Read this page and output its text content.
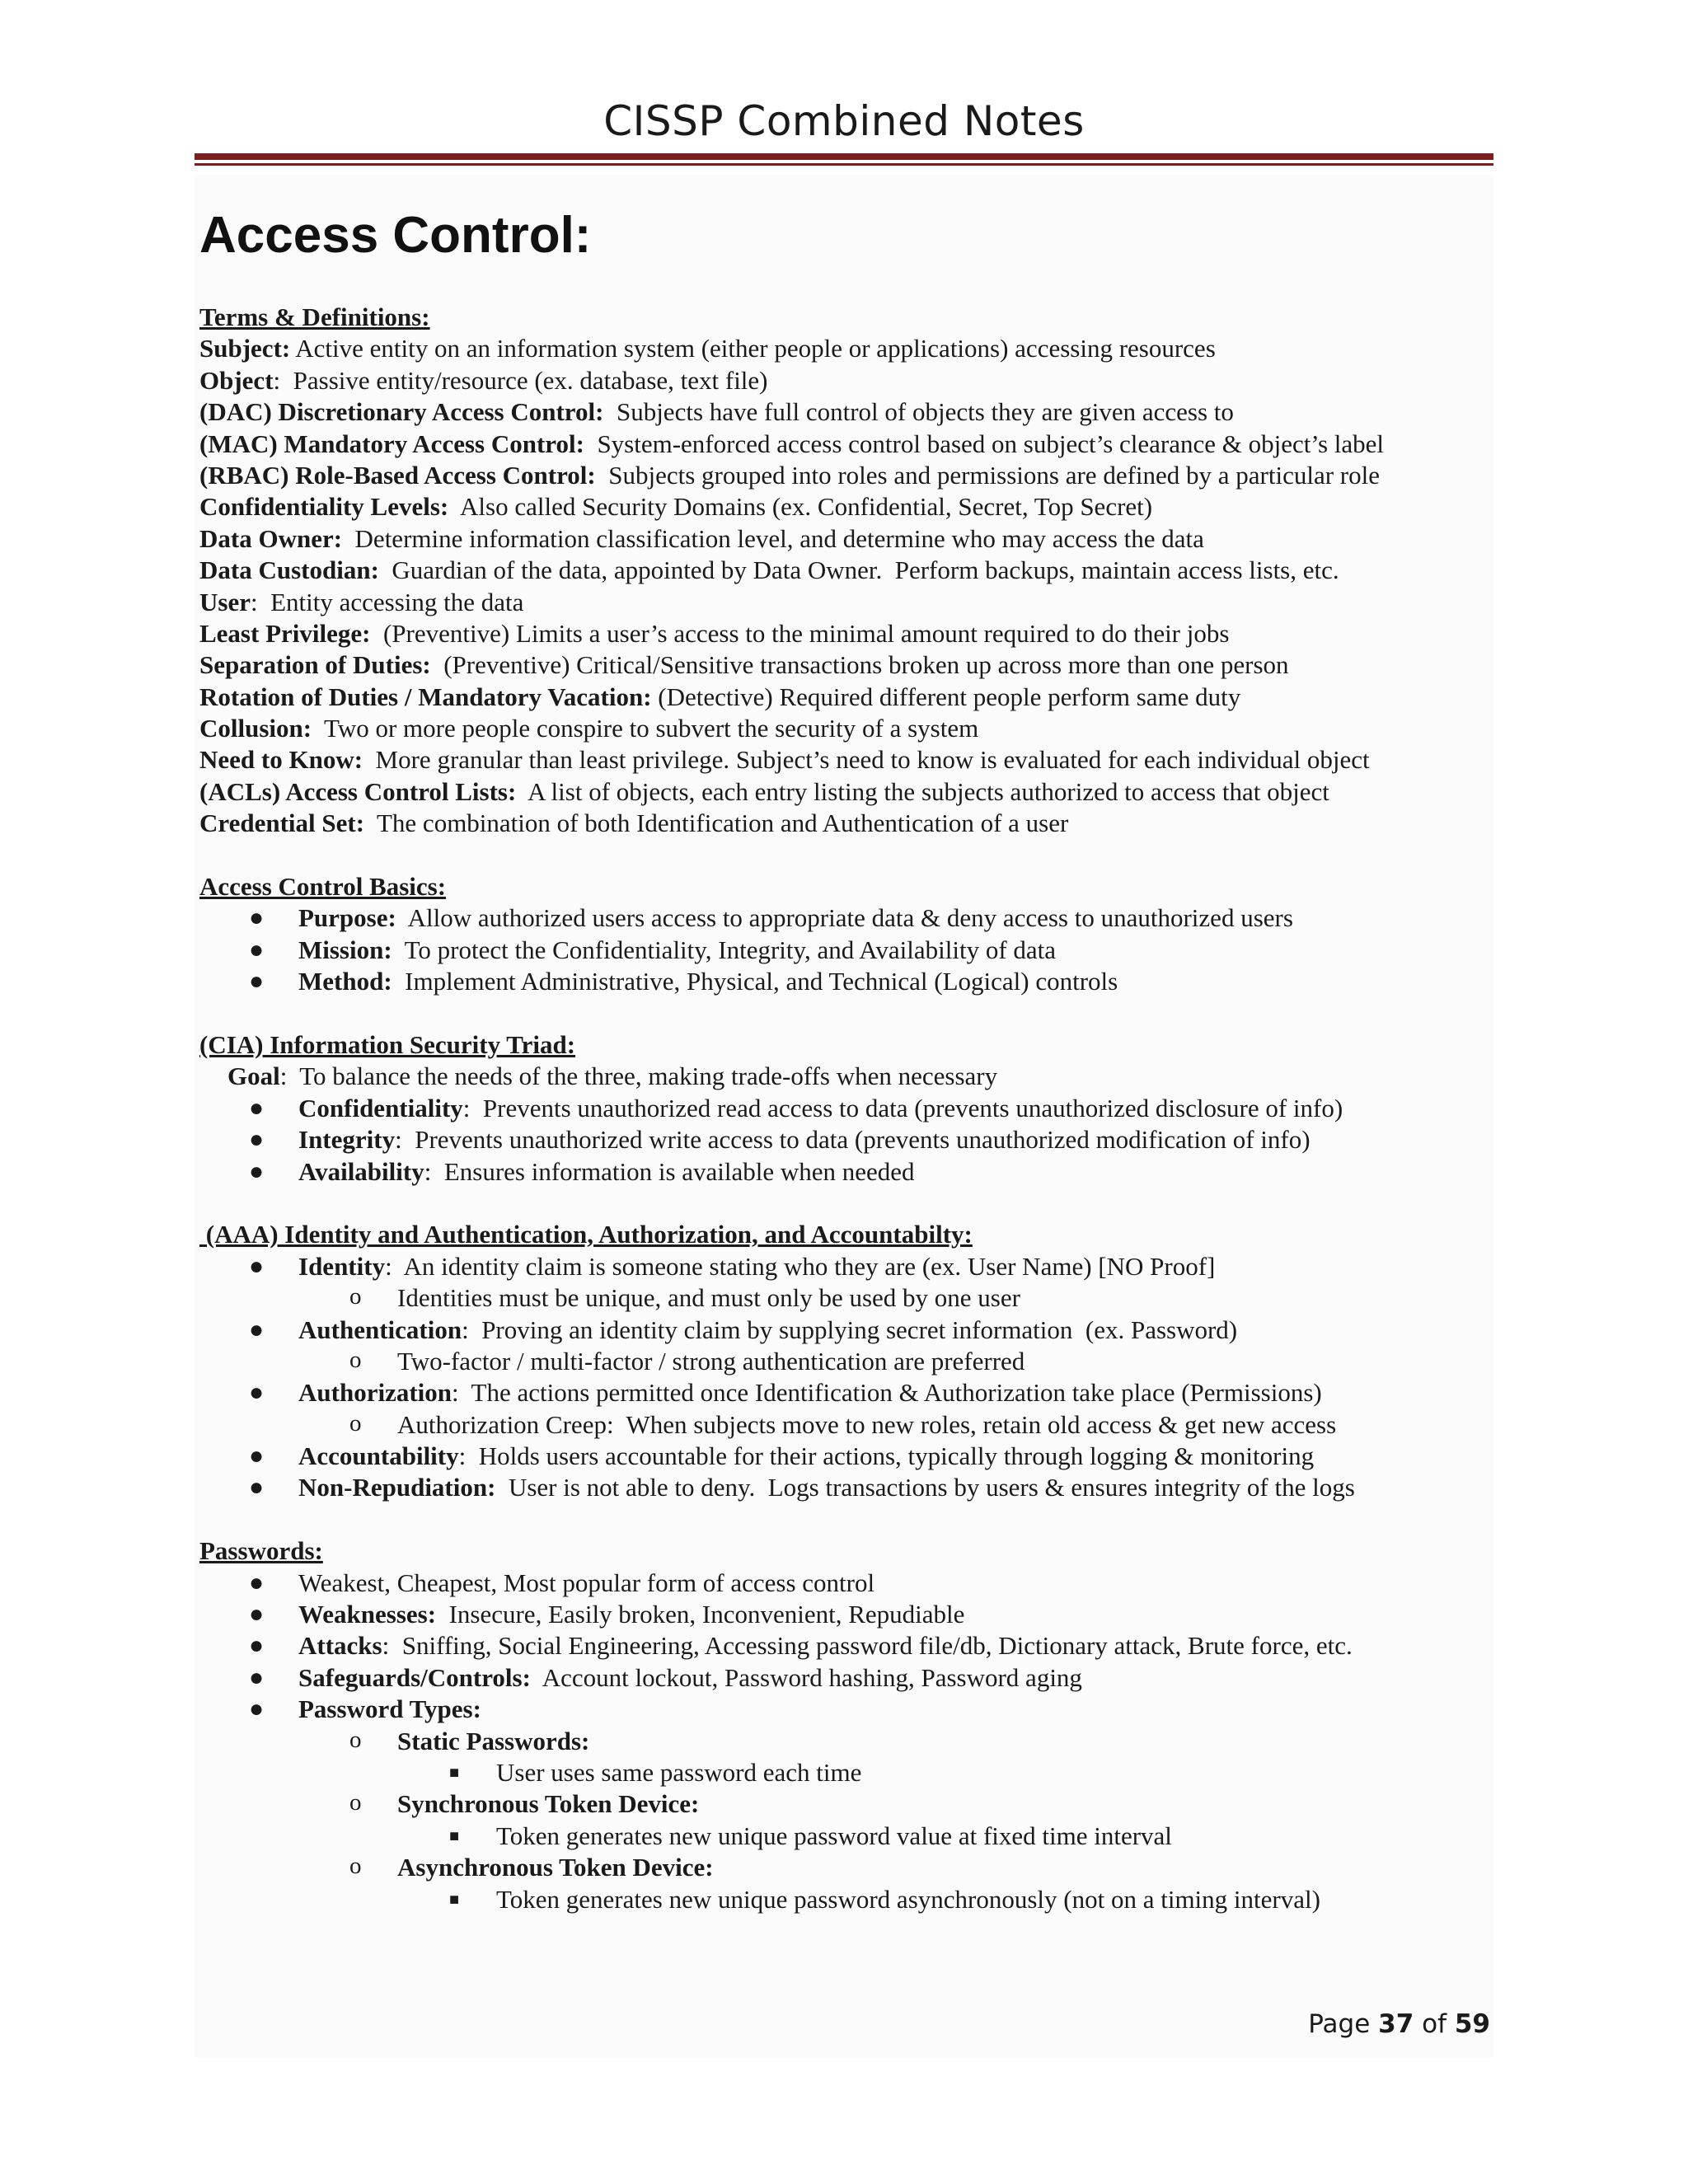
CISSP Combined Notes
Access Control:
Terms & Definitions:
Subject: Active entity on an information system (either people or applications) accessing resources
Object:  Passive entity/resource (ex. database, text file)
(DAC) Discretionary Access Control:  Subjects have full control of objects they are given access to
(MAC) Mandatory Access Control:  System-enforced access control based on subject’s clearance & object’s label
(RBAC) Role-Based Access Control:  Subjects grouped into roles and permissions are defined by a particular role
Confidentiality Levels:  Also called Security Domains (ex. Confidential, Secret, Top Secret)
Data Owner:  Determine information classification level, and determine who may access the data
Data Custodian:  Guardian of the data, appointed by Data Owner.  Perform backups, maintain access lists, etc.
User:  Entity accessing the data
Least Privilege:  (Preventive) Limits a user’s access to the minimal amount required to do their jobs
Separation of Duties:  (Preventive) Critical/Sensitive transactions broken up across more than one person
Rotation of Duties / Mandatory Vacation: (Detective) Required different people perform same duty
Collusion:  Two or more people conspire to subvert the security of a system
Need to Know:  More granular than least privilege. Subject’s need to know is evaluated for each individual object
(ACLs) Access Control Lists:  A list of objects, each entry listing the subjects authorized to access that object
Credential Set:  The combination of both Identification and Authentication of a user
Access Control Basics:
● Purpose:  Allow authorized users access to appropriate data & deny access to unauthorized users
● Mission:  To protect the Confidentiality, Integrity, and Availability of data
● Method:  Implement Administrative, Physical, and Technical (Logical) controls
(CIA) Information Security Triad:
Goal:  To balance the needs of the three, making trade-offs when necessary
● Confidentiality:  Prevents unauthorized read access to data (prevents unauthorized disclosure of info)
● Integrity:  Prevents unauthorized write access to data (prevents unauthorized modification of info)
● Availability:  Ensures information is available when needed
(AAA) Identity and Authentication, Authorization, and Accountabilty:
● Identity:  An identity claim is someone stating who they are (ex. User Name) [NO Proof]
o Identities must be unique, and must only be used by one user
● Authentication:  Proving an identity claim by supplying secret information  (ex. Password)
o Two-factor / multi-factor / strong authentication are preferred
● Authorization:  The actions permitted once Identification & Authorization take place (Permissions)
o Authorization Creep:  When subjects move to new roles, retain old access & get new access
● Accountability:  Holds users accountable for their actions, typically through logging & monitoring
● Non-Repudiation:  User is not able to deny.  Logs transactions by users & ensures integrity of the logs
Passwords:
● Weakest, Cheapest, Most popular form of access control
● Weaknesses:  Insecure, Easily broken, Inconvenient, Repudiable
● Attacks:  Sniffing, Social Engineering, Accessing password file/db, Dictionary attack, Brute force, etc.
● Safeguards/Controls:  Account lockout, Password hashing, Password aging
● Password Types:
o Static Passwords:
■ User uses same password each time
o Synchronous Token Device:
■ Token generates new unique password value at fixed time interval
o Asynchronous Token Device:
■ Token generates new unique password asynchronously (not on a timing interval)
Page 37 of 59
